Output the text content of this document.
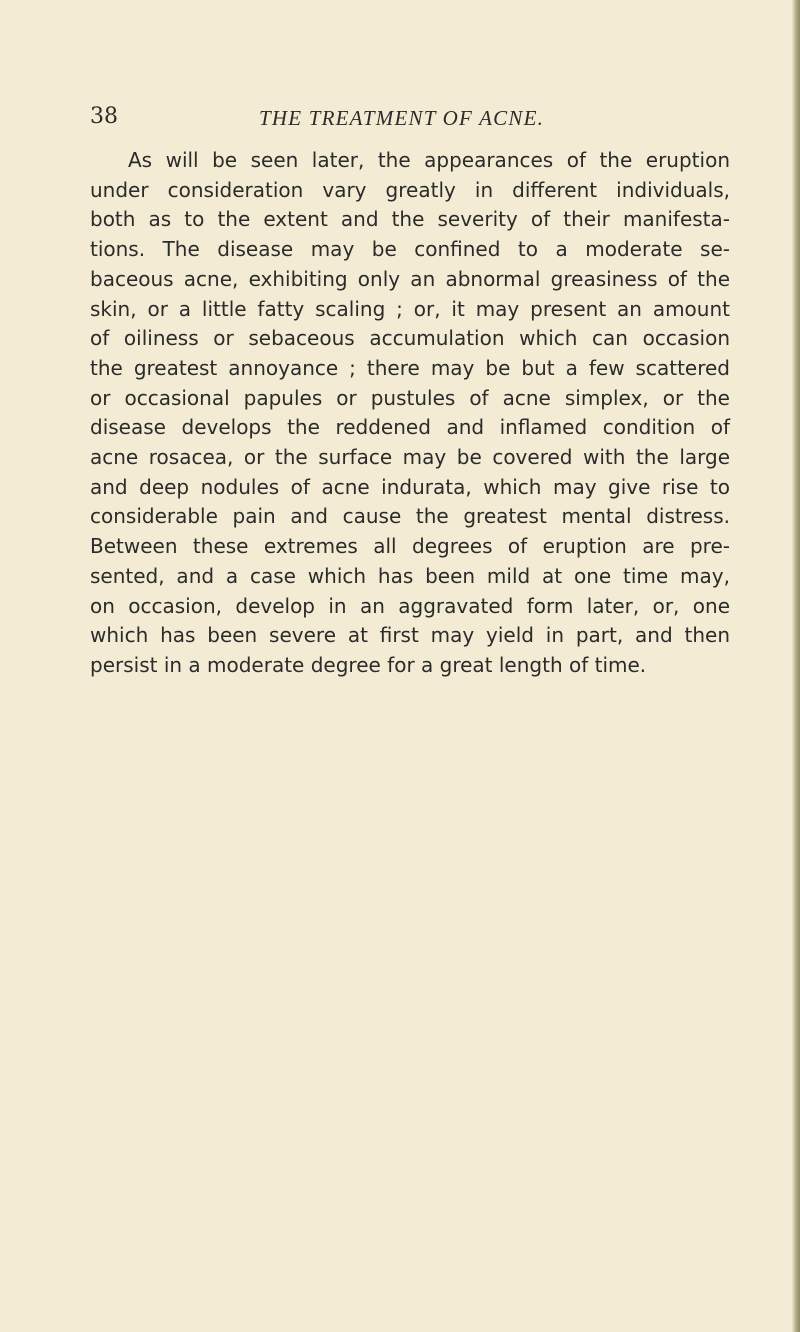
38	THE TREATMENT OF ACNE.
As will be seen later, the appearances of the eruption
under consideration vary greatly in different individuals,
both as to the extent and the severity of their manifesta-
tions. The disease may be confined to a moderate se-
baceous acne, exhibiting only an abnormal greasiness of the
skin, or a little fatty scaling ; or, it may present an amount
of oiliness or sebaceous accumulation which can occasion
the greatest annoyance ; there may be but a few scattered
or occasional papules or pustules of acne simplex, or the
disease develops the reddened and inflamed condition of
acne rosacea, or the surface may be covered with the large
and deep nodules of acne indurata, which may give rise to
considerable pain and cause the greatest mental distress.
Between these extremes all degrees of eruption are pre-
sented, and a case which has been mild at one time may,
on occasion, develop in an aggravated form later, or, one
which has been severe at first may yield in part, and then
persist in a moderate degree for a great length of time.
